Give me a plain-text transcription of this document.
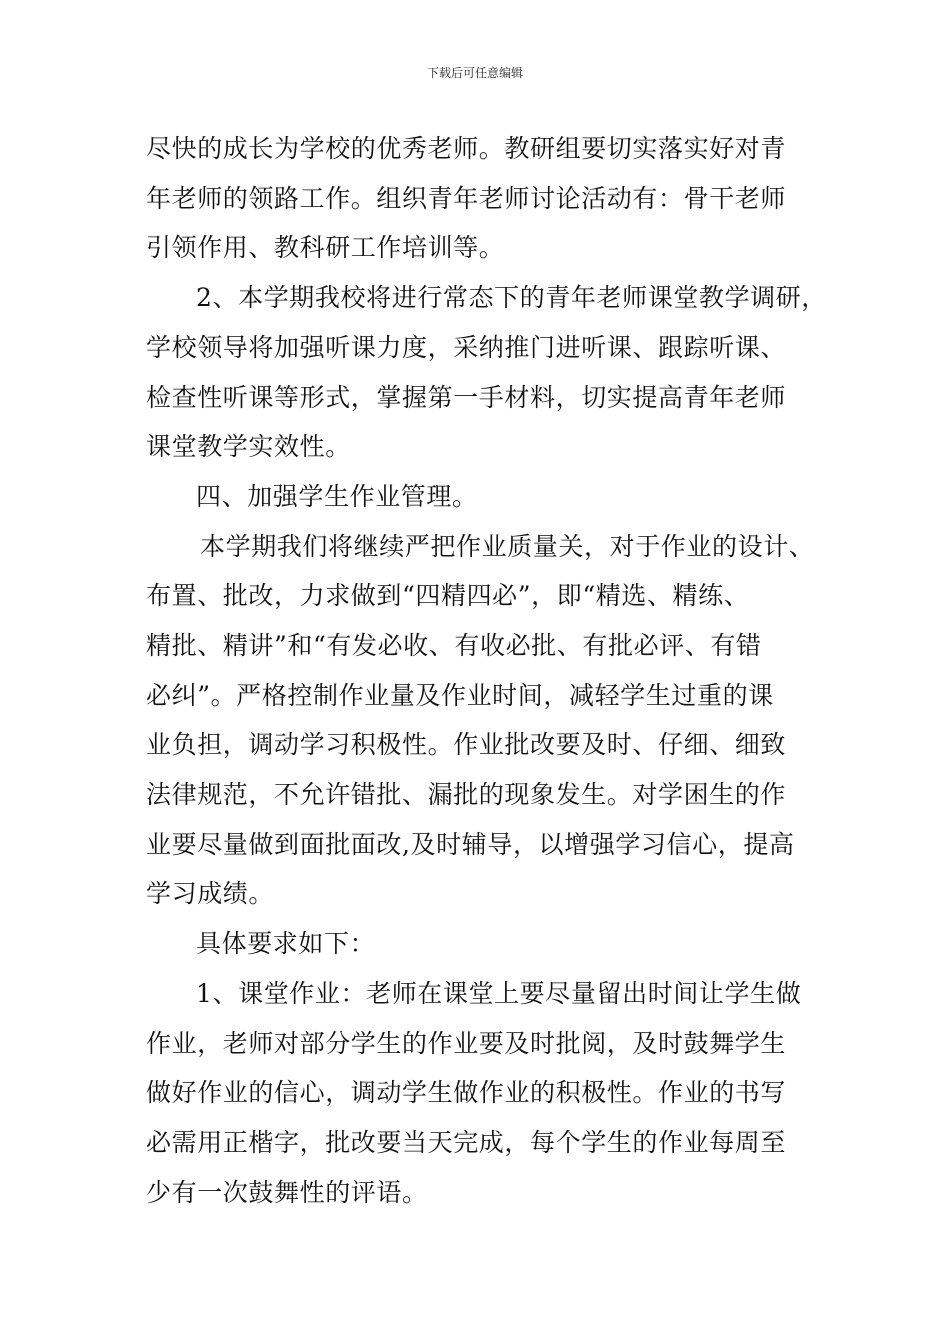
下载后可任意编辑
尽快的成长为学校的优秀老师。教研组要切实落实好对青
年老师的领路工作。组织青年老师讨论活动有：骨干老师
引领作用、教科研工作培训等。
2、本学期我校将进行常态下的青年老师课堂教学调研，
学校领导将加强听课力度，采纳推门进听课、跟踪听课、
检查性听课等形式，掌握第一手材料，切实提高青年老师
课堂教学实效性。
四、加强学生作业管理。
本学期我们将继续严把作业质量关，对于作业的设计、
布置、批改，力求做到“四精四必”，即“精选、精练、
精批、精讲”和“有发必收、有收必批、有批必评、有错
必纠”。严格控制作业量及作业时间，减轻学生过重的课
业负担，调动学习积极性。作业批改要及时、仔细、细致
法律规范，不允许错批、漏批的现象发生。对学困生的作
业要尽量做到面批面改,及时辅导，以增强学习信心，提高
学习成绩。
具体要求如下：
1、课堂作业：老师在课堂上要尽量留出时间让学生做
作业，老师对部分学生的作业要及时批阅，及时鼓舞学生
做好作业的信心，调动学生做作业的积极性。作业的书写
必需用正楷字，批改要当天完成，每个学生的作业每周至
少有一次鼓舞性的评语。
